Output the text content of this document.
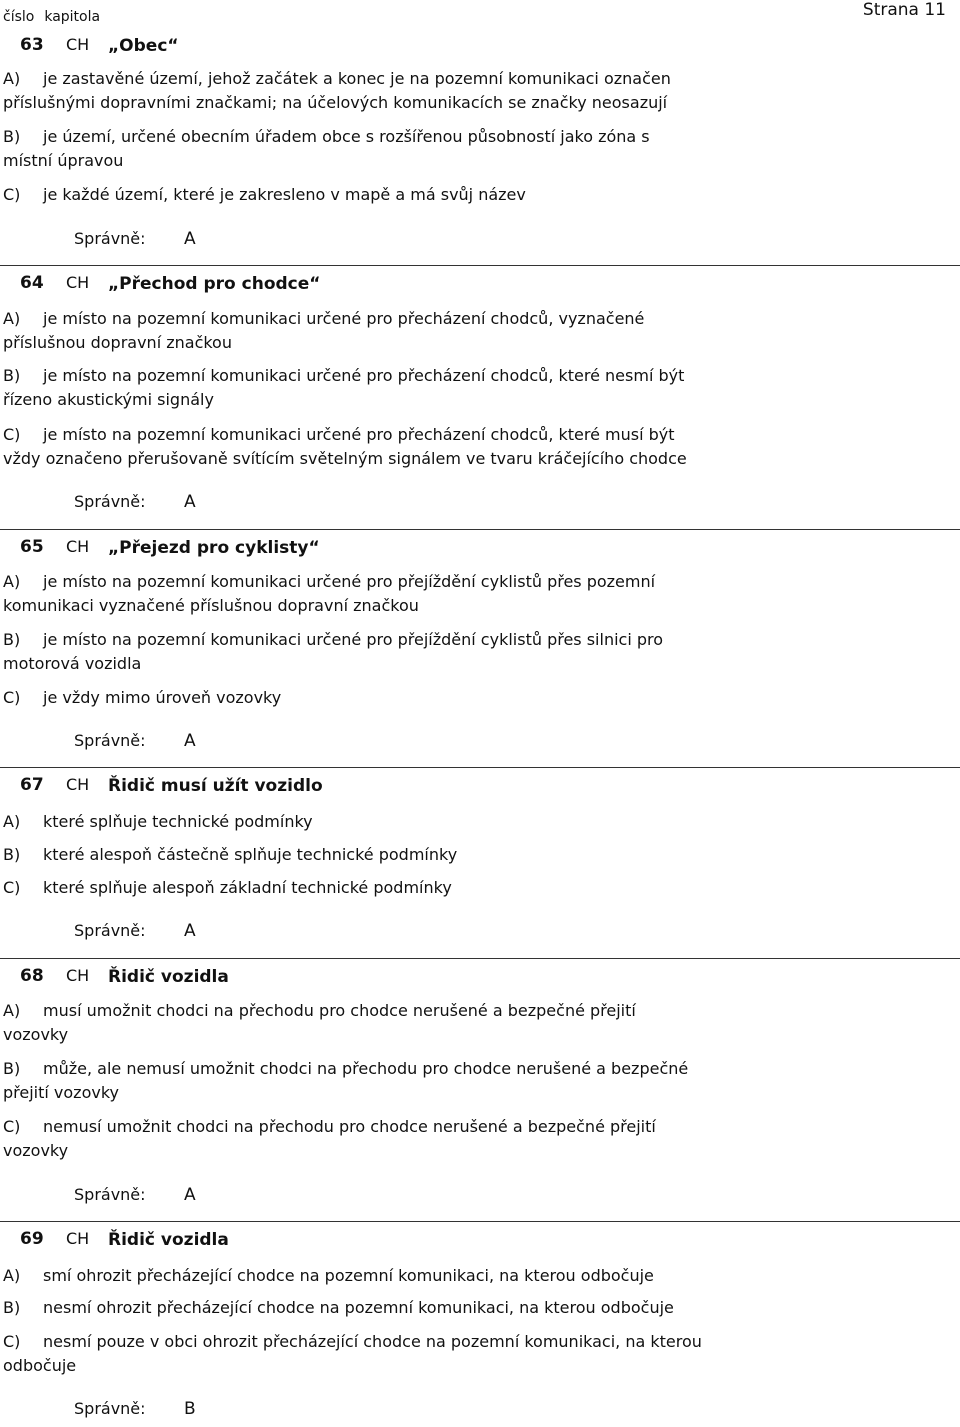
číslo kapitola	Strana 11
63 CH „Obec“
A) je zastavěné území, jehož začátek a konec je na pozemní komunikaci označen příslušnými dopravními značkami; na účelových komunikacích se značky neosazují
B) je území, určené obecním úřadem obce s rozšířenou působností jako zóna s místní úpravou
C) je každé území, které je zakresleno v mapě a má svůj název
Správně: A
64 CH „Přechod pro chodce“
A) je místo na pozemní komunikaci určené pro přecházení chodců, vyznačené příslušnou dopravní značkou
B) je místo na pozemní komunikaci určené pro přecházení chodců, které nesmí být řízeno akustickými signály
C) je místo na pozemní komunikaci určené pro přecházení chodců, které musí být vždy označeno přerušovaně svítícím světelným signálem ve tvaru kráčejícího chodce
Správně: A
65 CH „Přejezd pro cyklisty“
A) je místo na pozemní komunikaci určené pro přejíždění cyklistů přes pozemní komunikaci vyznačené příslušnou dopravní značkou
B) je místo na pozemní komunikaci určené pro přejíždění cyklistů přes silnici pro motorová vozidla
C) je vždy mimo úroveň vozovky
Správně: A
67 CH Řidič musí užít vozidlo
A) které splňuje technické podmínky
B) které alespoň částečně splňuje technické podmínky
C) které splňuje alespoň základní technické podmínky
Správně: A
68 CH Řidič vozidla
A) musí umožnit chodci na přechodu pro chodce nerušené a bezpečné přejití vozovky
B) může, ale nemusí umožnit chodci na přechodu pro chodce nerušené a bezpečné přejití vozovky
C) nemusí umožnit chodci na přechodu pro chodce nerušené a bezpečné přejití vozovky
Správně: A
69 CH Řidič vozidla
A) smí ohrozit přecházející chodce na pozemní komunikaci, na kterou odbočuje
B) nesmí ohrozit přecházející chodce na pozemní komunikaci, na kterou odbočuje
C) nesmí pouze v obci ohrozit přecházející chodce na pozemní komunikaci, na kterou odbočuje
Správně: B
